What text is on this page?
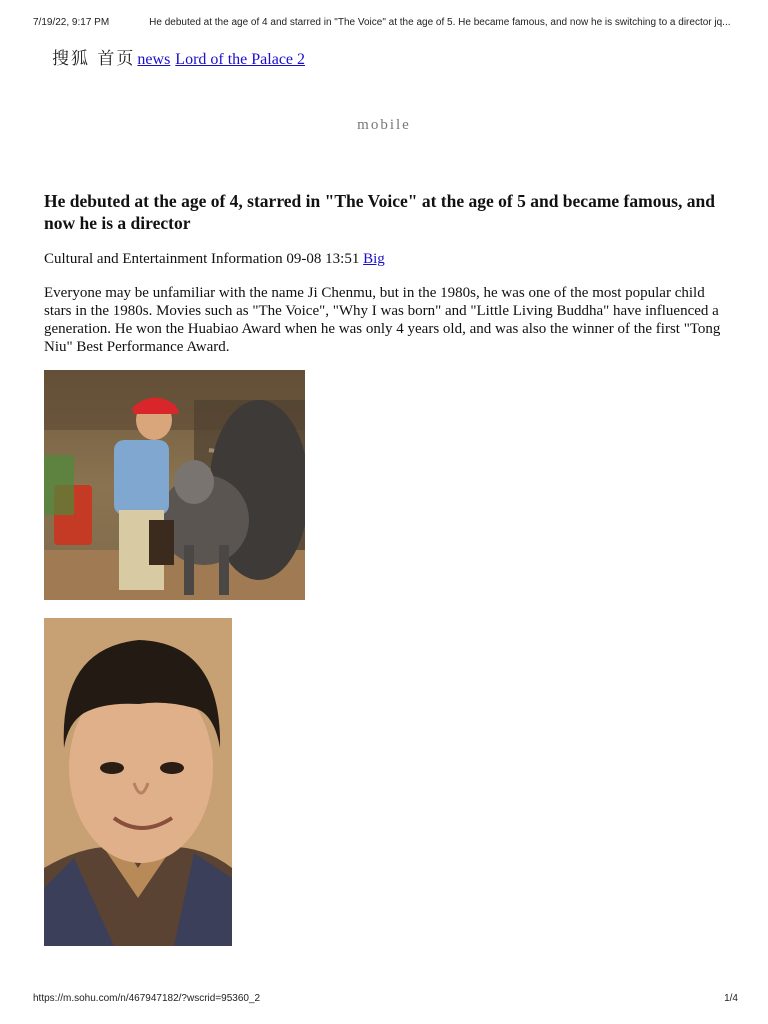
7/19/22, 9:17 PM	He debuted at the age of 4 and starred in "The Voice" at the age of 5. He became famous, and now he is switching to a director jq...
搜狐 首页 news Lord of the Palace 2
mobile
He debuted at the age of 4, starred in "The Voice" at the age of 5 and became famous, and now he is a director
Cultural and Entertainment Information 09-08 13:51 Big

Everyone may be unfamiliar with the name Ji Chenmu, but in the 1980s, he was one of the most popular child stars in the 1980s. Movies such as "The Voice", "Why I was born" and "Little Living Buddha" have influenced a generation. He won the Huabiao Award when he was only 4 years old, and was also the winner of the first "Tong Niu" Best Performance Award.

https://m.sohu.com/n/467947182/?wscrid=95360_2	1/4
